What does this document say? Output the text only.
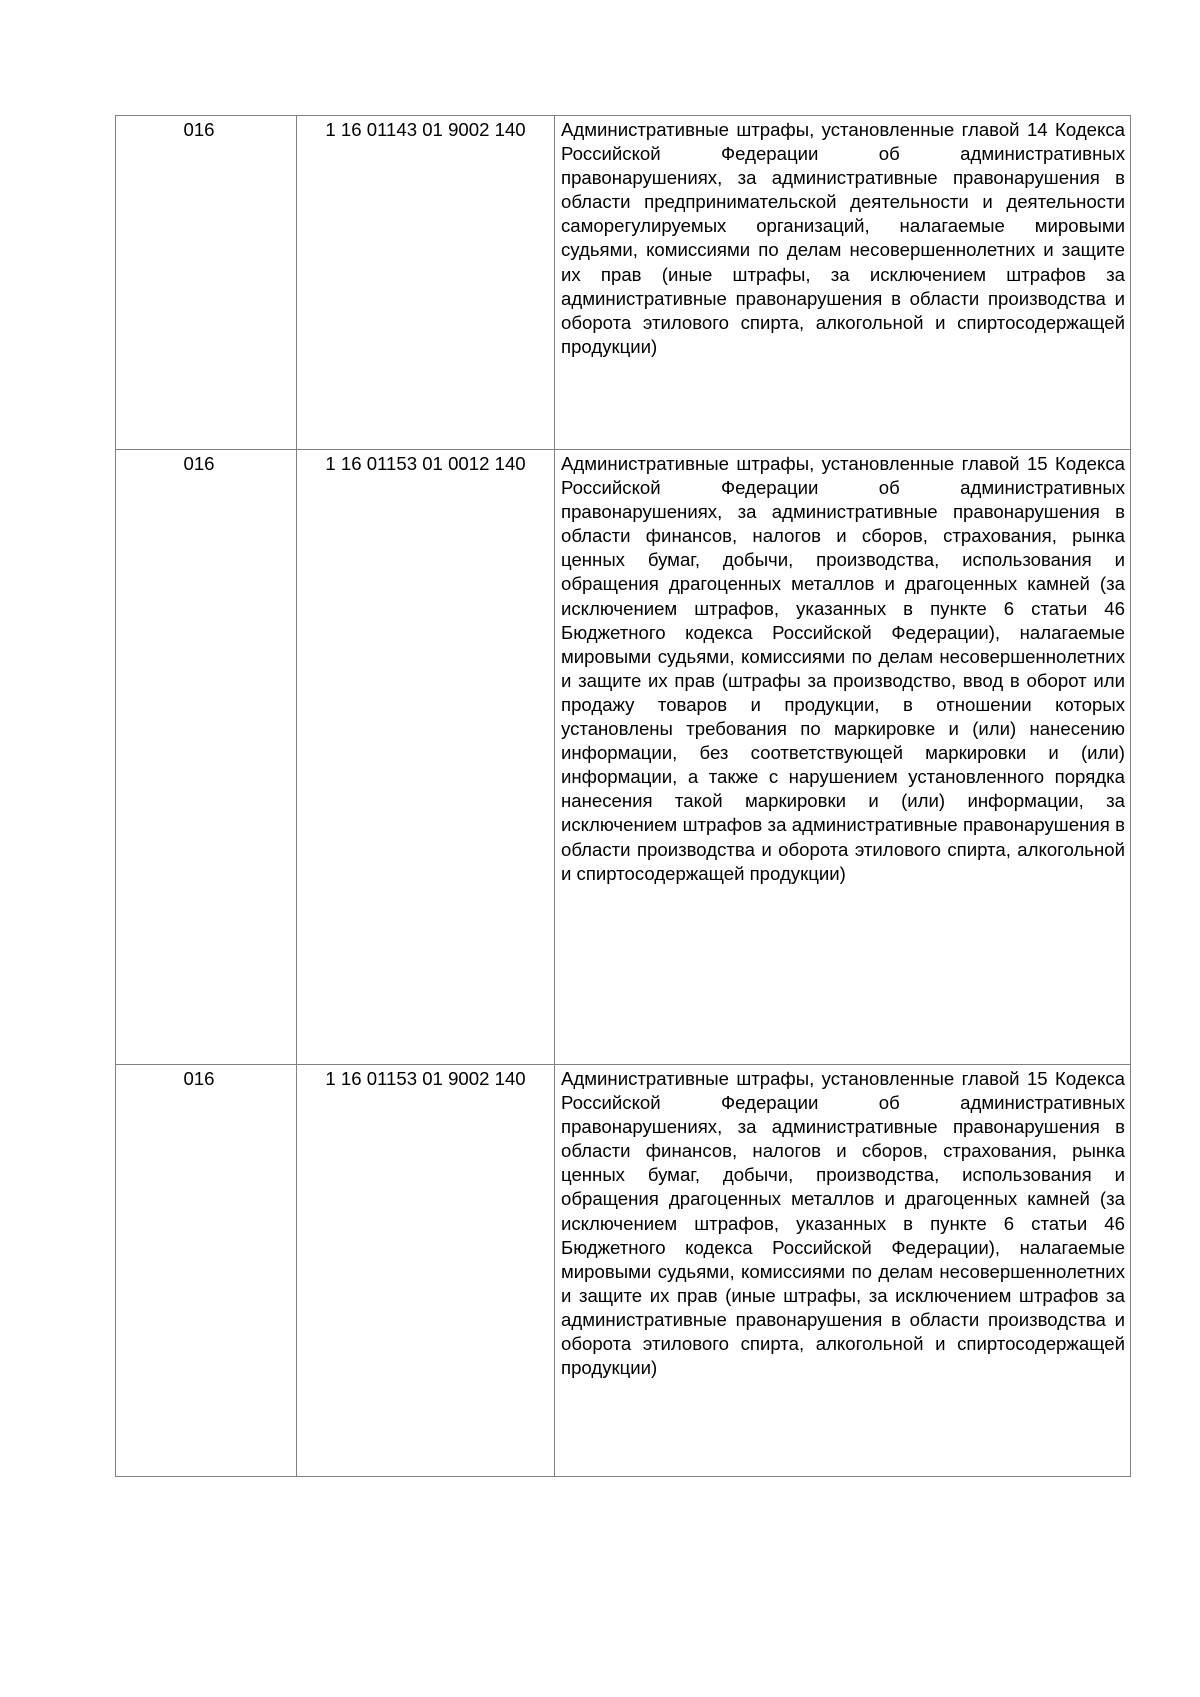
016	1 16 01143 01 9002 140	Административные штрафы, установленные главой 14 Кодекса Российской Федерации об административных правонарушениях, за административные правонарушения в области предпринимательской деятельности и деятельности саморегулируемых организаций, налагаемые мировыми судьями, комиссиями по делам несовершеннолетних и защите их прав (иные штрафы, за исключением штрафов за административные правонарушения в области производства и оборота этилового спирта, алкогольной и спиртосодержащей продукции)
016	1 16 01153 01 0012 140	Административные штрафы, установленные главой 15 Кодекса Российской Федерации об административных правонарушениях, за административные правонарушения в области финансов, налогов и сборов, страхования, рынка ценных бумаг, добычи, производства, использования и обращения драгоценных металлов и драгоценных камней (за исключением штрафов, указанных в пункте 6 статьи 46 Бюджетного кодекса Российской Федерации), налагаемые мировыми судьями, комиссиями по делам несовершеннолетних и защите их прав (штрафы за производство, ввод в оборот или продажу товаров и продукции, в отношении которых установлены требования по маркировке и (или) нанесению информации, без соответствующей маркировки и (или) информации, а также с нарушением установленного порядка нанесения такой маркировки и (или) информации, за исключением штрафов за административные правонарушения в области производства и оборота этилового спирта, алкогольной и спиртосодержащей продукции)
016	1 16 01153 01 9002 140	Административные штрафы, установленные главой 15 Кодекса Российской Федерации об административных правонарушениях, за административные правонарушения в области финансов, налогов и сборов, страхования, рынка ценных бумаг, добычи, производства, использования и обращения драгоценных металлов и драгоценных камней (за исключением штрафов, указанных в пункте 6 статьи 46 Бюджетного кодекса Российской Федерации), налагаемые мировыми судьями, комиссиями по делам несовершеннолетних и защите их прав (иные штрафы, за исключением штрафов за административные правонарушения в области производства и оборота этилового спирта, алкогольной и спиртосодержащей продукции)
